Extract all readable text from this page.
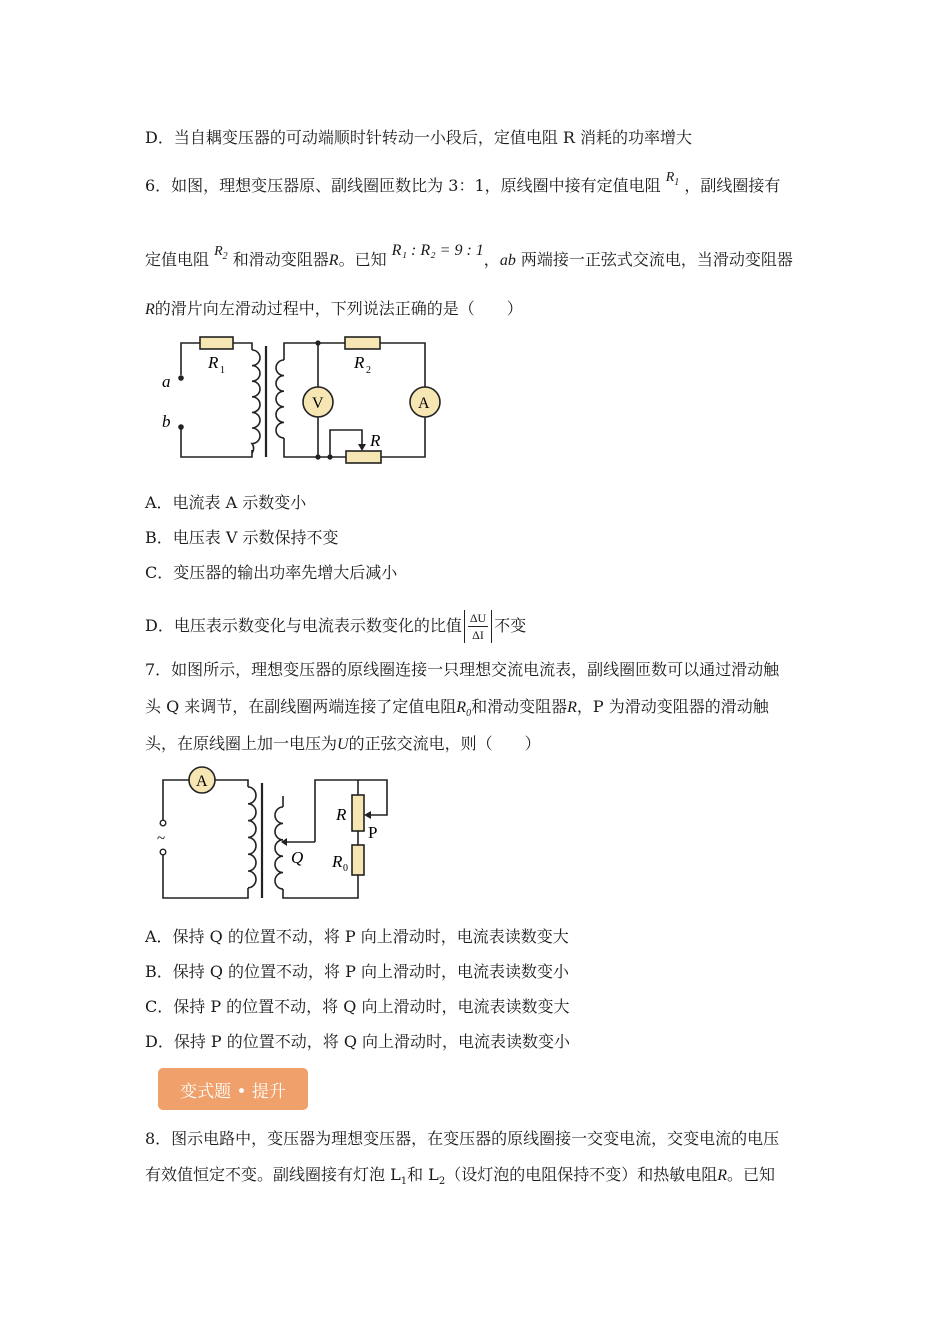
D．当自耦变压器的可动端顺时针转动一小段后，定值电阻 R 消耗的功率增大
6．如图，理想变压器原、副线圈匝数比为 3：1，原线圈中接有定值电阻 $R_1$ ，副线圈接有
定值电阻 $R_2$ 和滑动变阻器R。已知 R₁ : R₂ = 9 : 1，ab 两端接一正弦式交流电，当滑动变阻器
R的滑片向左滑动过程中，下列说法正确的是（　　）
R 1	R 2
R
a
b
V	A
A．电流表 A 示数变小
B．电压表 V 示数保持不变
C．变压器的输出功率先增大后减小
D．电压表示数变化与电流表示数变化的比值 $\frac{\Delta U}{\Delta I}$ 不变
7．如图所示，理想变压器的原线圈连接一只理想交流电流表，副线圈匝数可以通过滑动触
头 Q 来调节，在副线圈两端连接了定值电阻$R_0$和滑动变阻器R，P 为滑动变阻器的滑动触
头，在原线圈上加一电压为U的正弦交流电，则（　　）
~
A
R
P
Q R 0
A．保持 Q 的位置不动，将 P 向上滑动时，电流表读数变大
B．保持 Q 的位置不动，将 P 向上滑动时，电流表读数变小
C．保持 P 的位置不动，将 Q 向上滑动时，电流表读数变大
D．保持 P 的位置不动，将 Q 向上滑动时，电流表读数变小
变式题 • 提升
8．图示电路中，变压器为理想变压器，在变压器的原线圈接一交变电流，交变电流的电压
有效值恒定不变。副线圈接有灯泡 $L_1$和 $L_2$（设灯泡的电阻保持不变）和热敏电阻R。已知
